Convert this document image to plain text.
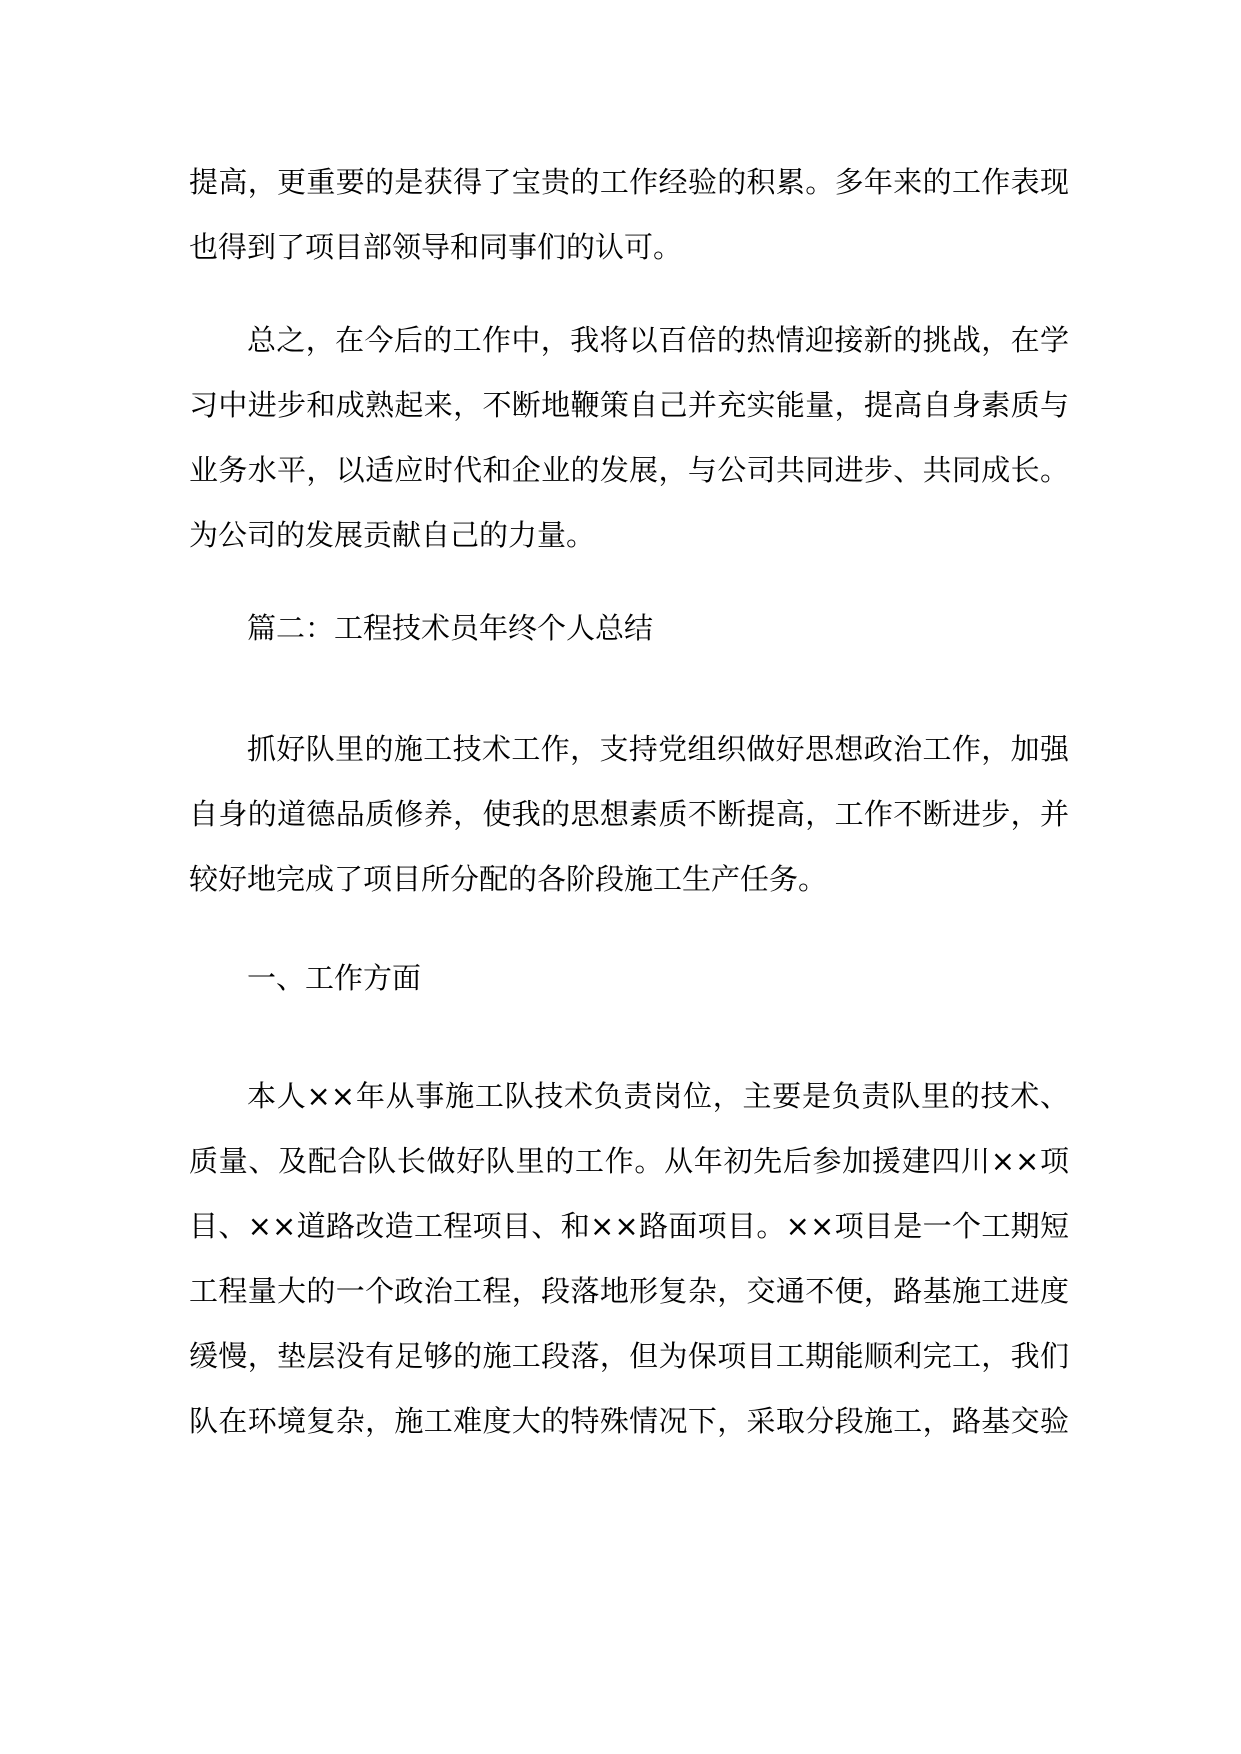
提高，更重要的是获得了宝贵的工作经验的积累。多年来的工作表现
也得到了项目部领导和同事们的认可。
总之，在今后的工作中，我将以百倍的热情迎接新的挑战，在学
习中进步和成熟起来，不断地鞭策自己并充实能量，提高自身素质与
业务水平，以适应时代和企业的发展，与公司共同进步、共同成长。
为公司的发展贡献自己的力量。
篇二：工程技术员年终个人总结
抓好队里的施工技术工作，支持党组织做好思想政治工作，加强
自身的道德品质修养，使我的思想素质不断提高，工作不断进步，并
较好地完成了项目所分配的各阶段施工生产任务。
一、工作方面
本人××年从事施工队技术负责岗位，主要是负责队里的技术、
质量、及配合队长做好队里的工作。从年初先后参加援建四川××项
目、××道路改造工程项目、和××路面项目。××项目是一个工期短
工程量大的一个政治工程，段落地形复杂，交通不便，路基施工进度
缓慢，垫层没有足够的施工段落，但为保项目工期能顺利完工，我们
队在环境复杂，施工难度大的特殊情况下，采取分段施工，路基交验
